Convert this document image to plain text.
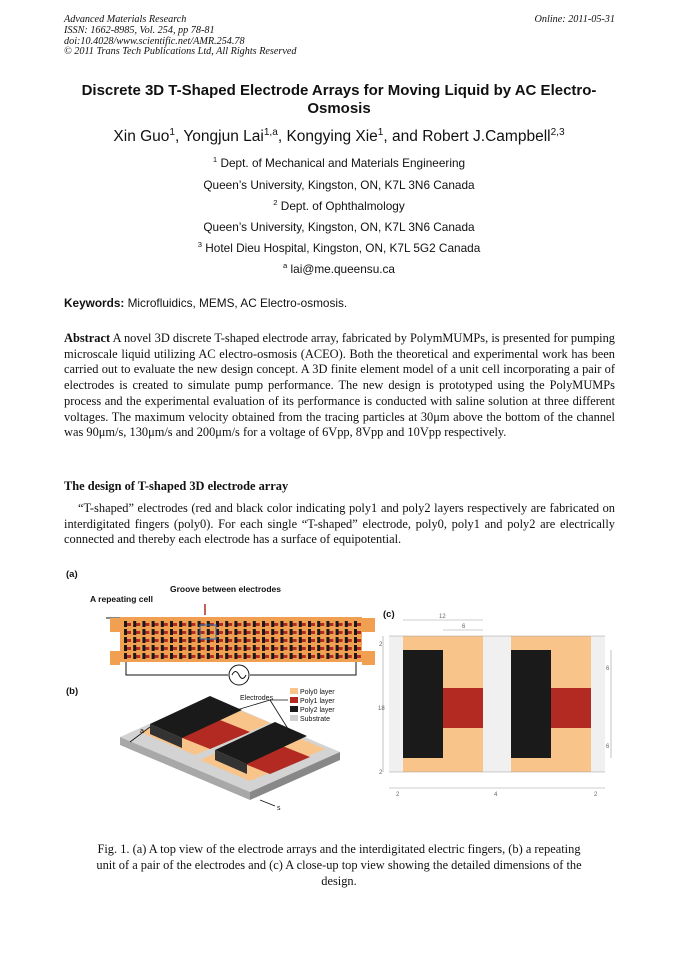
Advanced Materials Research
ISSN: 1662-8985, Vol. 254, pp 78-81
doi:10.4028/www.scientific.net/AMR.254.78
© 2011 Trans Tech Publications Ltd, All Rights Reserved
Online: 2011-05-31
Discrete 3D T-Shaped Electrode Arrays for Moving Liquid by AC Electro-Osmosis
Xin Guo$^1$, Yongjun Lai$^{1,a}$, Kongying Xie$^1$, and Robert J.Campbell$^{2,3}$
$^1$ Dept. of Mechanical and Materials Engineering
Queen’s University, Kingston, ON, K7L 3N6 Canada
$^2$ Dept. of Ophthalmology
Queen’s University, Kingston, ON, K7L 3N6 Canada
$^3$ Hotel Dieu Hospital, Kingston, ON, K7L 5G2 Canada
$^a$ lai@me.queensu.ca
Keywords: Microfluidics, MEMS, AC Electro-osmosis.
Abstract A novel 3D discrete T-shaped electrode array, fabricated by PolymMUMPs, is presented for pumping microscale liquid utilizing AC electro-osmosis (ACEO). Both the theoretical and experimental work has been carried out to evaluate the new design concept. A 3D finite element model of a unit cell incorporating a pair of electrodes is created to simulate pump performance. The new design is prototyped using the PolyMUMPs process and the experimental evaluation of its performance is conducted with saline solution at three different voltages. The maximum velocity obtained from the tracing particles at 30μm above the bottom of the channel was 90μm/s, 130μm/s and 200μm/s for a voltage of 6Vpp, 8Vpp and 10Vpp respectively.
The design of T-shaped 3D electrode array
“T-shaped” electrodes (red and black color indicating poly1 and poly2 layers respectively are fabricated on interdigitated fingers (poly0). For each single “T-shaped” electrode, poly0, poly1 and poly2 are electrically connected and thereby each electrode has a surface of equipotential.
(a)
(b)
(c)
A repeating cell
Groove between electrodes
Electrodes
a
s
Poly0 layer
Poly1 layer
Poly2 layer
Substrate
12
6
2
18
6
6
2
2	4	2
Fig. 1. (a) A top view of the electrode arrays and the interdigitated electric fingers, (b) a repeating unit of a pair of the electrodes and (c) A close-up top view showing the detailed dimensions of the design.
